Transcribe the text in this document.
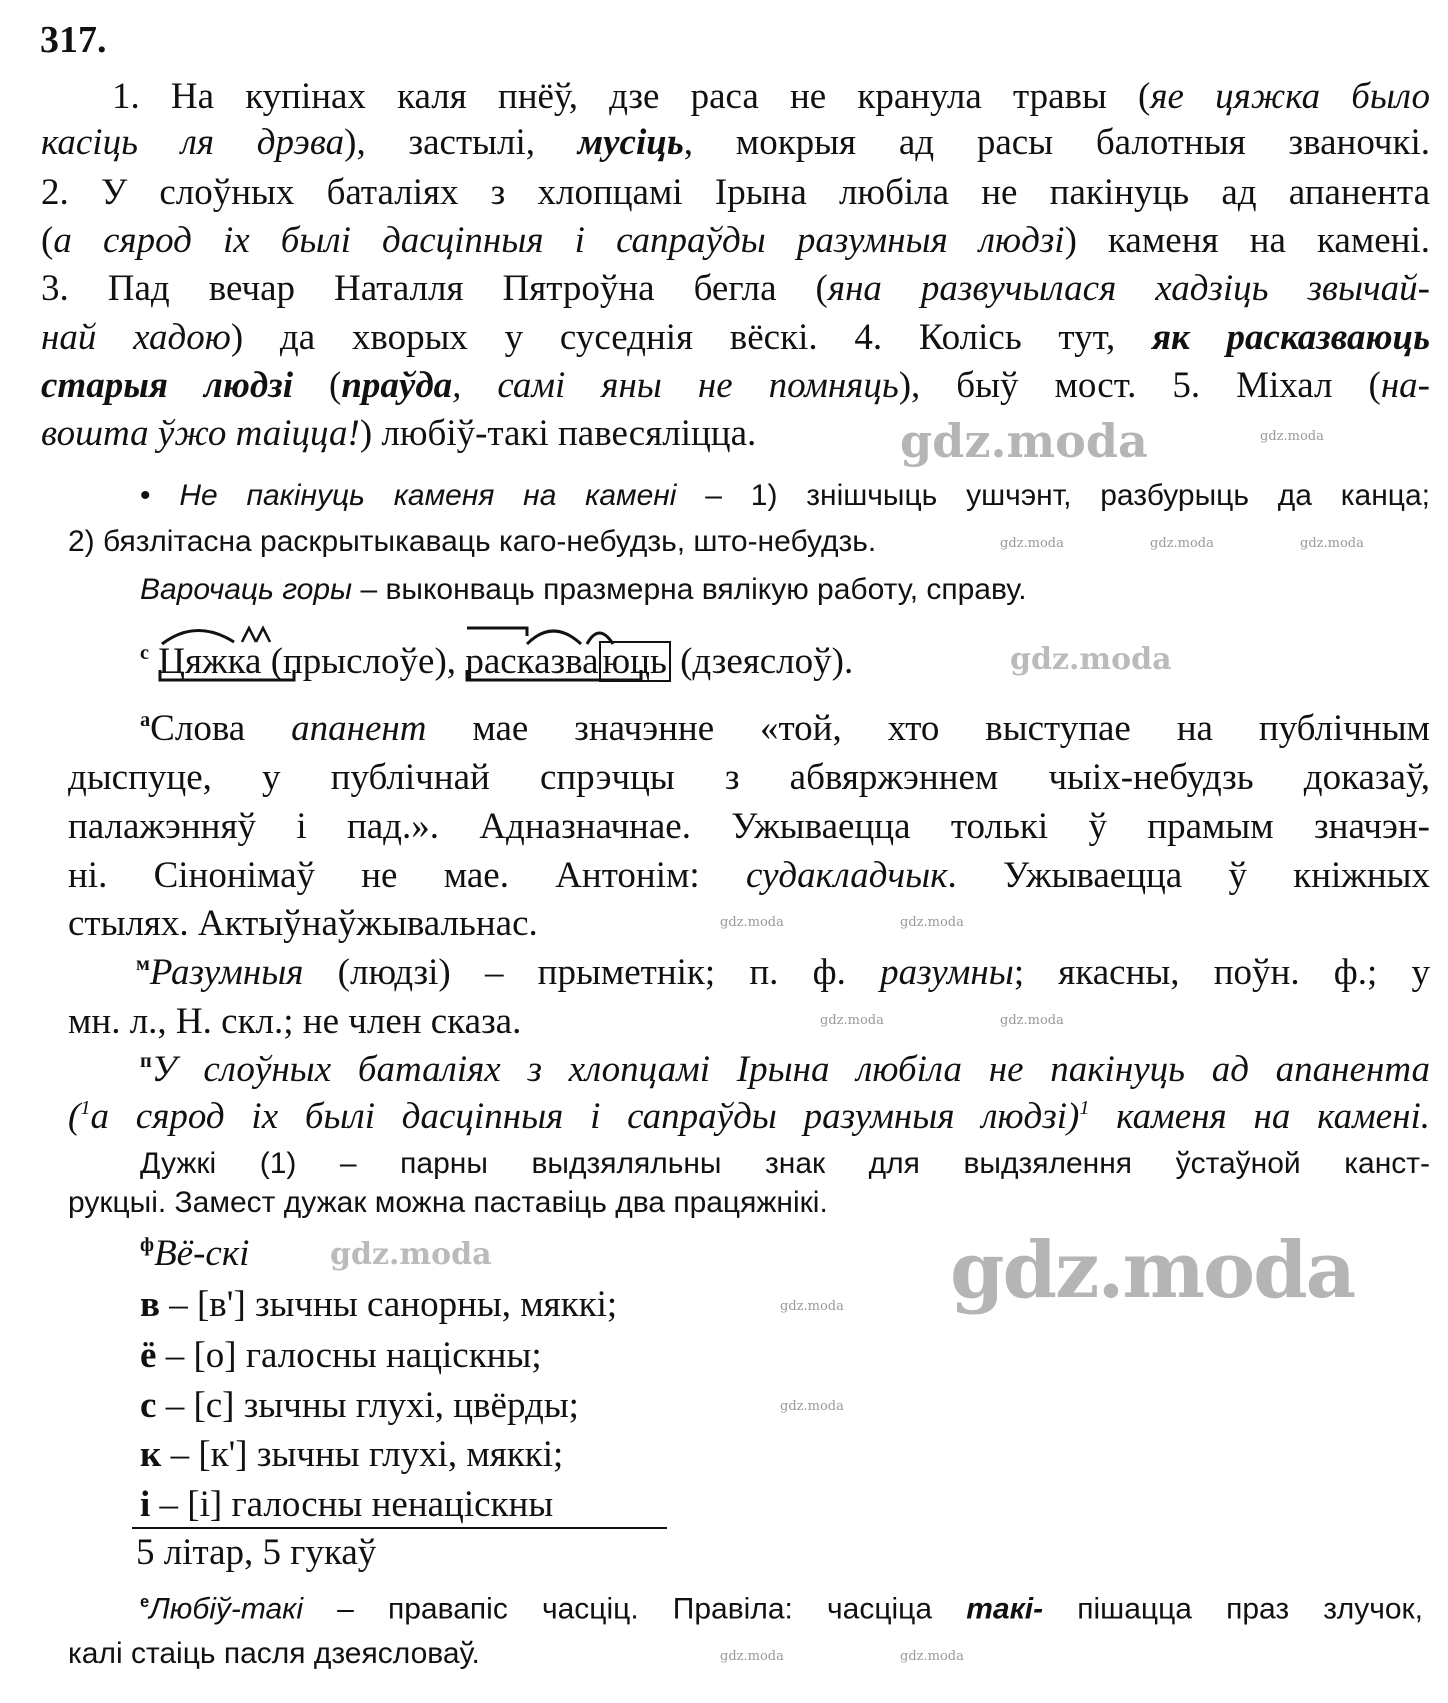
317.
1. На купінах каля пнёў, дзе раса не кранула травы (яе цяжка было
касіць ля дрэва), застылі, мусіць, мокрыя ад расы балотныя званочкі.
2. У слоўных баталіях з хлопцамі Ірына любіла не пакінуць ад апанента
(а сярод іх былі дасціпныя і сапраўды разумныя людзі) каменя на камені.
3. Пад вечар Наталля Пятроўна бегла (яна развучылася хадзіць звычай-
най хадою) да хворых у суседнія вёскі. 4. Колісь тут, як расказваюць
старыя людзі (праўда, самі яны не помняць), быў мост. 5. Міхал (на-
вошта ўжо таіцца!) любіў-такі павесяліцца.
• Не пакінуць каменя на камені – 1) знішчыць ушчэнт, разбурыць да канца;
2) бязлітасна раскрытыкаваць каго-небудзь, што-небудзь.
Варочаць горы – выконваць празмерна вялікую работу, справу.
$^с$ Цяжка (прыслоўе),
расказва юць (дзеяслоў).
$^а$Слова апанент мае значэнне «той, хто выступае на публічным
дыспуце, у публічнай спрэчцы з абвяржэннем чыіх-небудзь доказаў,
палажэнняў і пад.». Адназначнае. Ужываецца толькі ў прамым значэн-
ні. Сінонімаў не мае. Антонім: судакладчык. Ужываецца ў кніжных
стылях. Актыўнаўжывальнас.
$^м$Разумныя (людзі) – прыметнік; п. ф. разумны; якасны, поўн. ф.; у
мн. л., Н. скл.; не член сказа.
$^п$У слоўных баталіях з хлопцамі Ірына любіла не пакінуць ад апанента
($^1$а сярод іх былі дасціпныя і сапраўды разумныя людзі)$^1$ каменя на камені.
Дужкі (1) – парны выдзяляльны знак для выдзялення ўстаўной канст-
рукцыі. Замест дужак можна паставіць два працяжнікі.
$^ф$Вё-скі
в – [в'] зычны санорны, мяккі;
ё – [о] галосны націскны;
с – [с] зычны глухі, цвёрды;
к – [к'] зычны глухі, мяккі;
і – [і] галосны ненаціскны
5 літар, 5 гукаў
$^е$Любіў-такі – правапіс часціц. Правіла: часціца такі- пішацца праз злучок,
калі стаіць пасля дзеясловаў.
gdz.moda	gdz.moda	gdz.moda
gdz.moda
gdz.moda	gdz.moda
gdz.moda	gdz.moda
gdz.moda
gdz.moda
gdz.moda	gdz.moda
gdz.moda
gdz.moda
gdz.moda	gdz.moda
